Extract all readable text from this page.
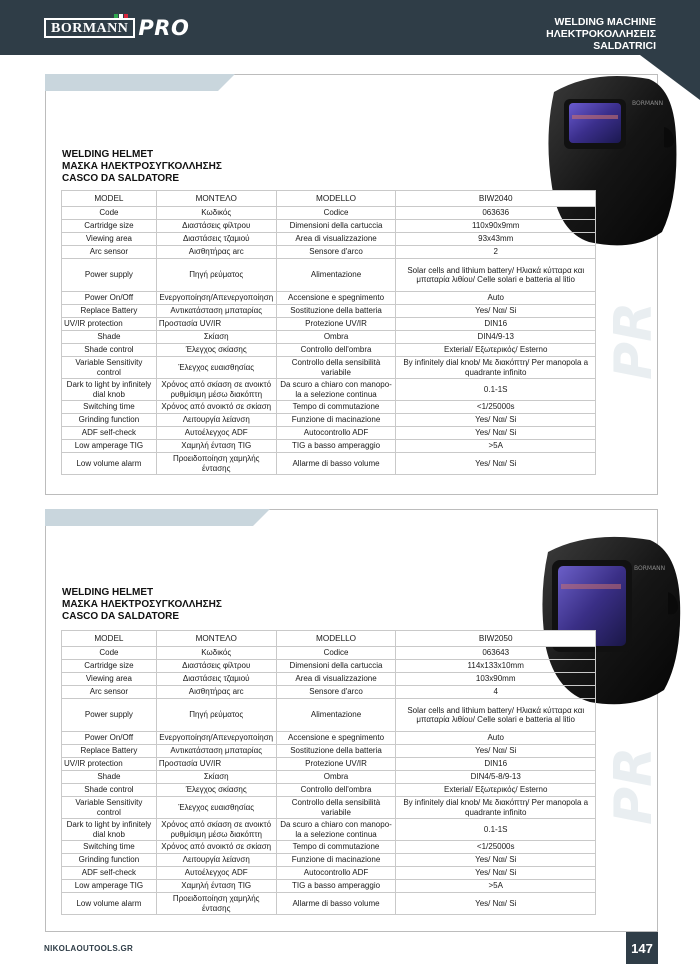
BORMANN PRO	WELDING MACHINE
ΗΛΕΚΤΡΟΚΟΛΛΗΣΕΙΣ
SALDATRICI
WELDING HELMET
ΜΑΣΚΑ ΗΛΕΚΤΡΟΣΥΓΚΟΛΛΗΣΗΣ
CASCO DA SALDATORE
PR
BORMANN
MODEL	ΜΟΝΤΕΛΟ	MODELLO	BIW2040
Code	Κωδικός	Codice	063636
Cartridge size	Διαστάσεις φίλτρου	Dimensioni della cartuccia	110x90x9mm
Viewing area	Διαστάσεις τζαμιού	Area di visualizzazione	93x43mm
Arc sensor	Αισθητήρας arc	Sensore d'arco	2
Power supply	Πηγή ρεύματος	Alimentazione	Solar cells and lithium battery/ Ηλιακά κύτταρα και μπαταρία λιθίου/ Celle solari e batteria al litio
Power On/Off	Ενεργοποίηση/Απενεργοποίηση	Accensione e spegnimento	Auto
Replace Battery	Αντικατάσταση μπαταρίας	Sostituzione della batteria	Yes/ Ναι/ Si
UV/IR protection	Προστασία UV/IR	Protezione UV/IR	DIN16
Shade	Σκίαση	Ombra	DIN4/9-13
Shade control	Έλεγχος σκίασης	Controllo dell'ombra	Exterial/ Εξωτερικός/ Esterno
Variable Sensitivity control	Έλεγχος ευαισθησίας	Controllo della sensibilità variabile	By infinitely dial knob/ Με διακόπτη/ Per manopola a quadrante infinito
Dark to light by infinitely dial knob	Χρόνος από σκίαση σε ανοικτό ρυθμίσιμη μέσω διακόπτη	Da scuro a chiaro con manopo-la a selezione continua	0.1-1S
Switching time	Χρόνος από ανοικτό σε σκίαση	Tempo di commutazione	<1/25000s
Grinding function	Λειτουργία λείανση	Funzione di macinazione	Yes/ Ναι/ Si
ADF self-check	Αυτοέλεγχος ADF	Autocontrollo ADF	Yes/ Ναι/ Si
Low amperage TIG	Χαμηλή ένταση TIG	TIG a basso amperaggio	>5A
Low volume alarm	Προειδοποίηση χαμηλής έντασης	Allarme di basso volume	Yes/ Ναι/ Si
WELDING HELMET
ΜΑΣΚΑ ΗΛΕΚΤΡΟΣΥΓΚΟΛΛΗΣΗΣ
CASCO DA SALDATORE
PR
BORMANN
MODEL	ΜΟΝΤΕΛΟ	MODELLO	BIW2050
Code	Κωδικός	Codice	063643
Cartridge size	Διαστάσεις φίλτρου	Dimensioni della cartuccia	114x133x10mm
Viewing area	Διαστάσεις τζαμιού	Area di visualizzazione	103x90mm
Arc sensor	Αισθητήρας arc	Sensore d'arco	4
Power supply	Πηγή ρεύματος	Alimentazione	Solar cells and lithium battery/ Ηλιακά κύτταρα και μπαταρία λιθίου/ Celle solari e batteria al litio
Power On/Off	Ενεργοποίηση/Απενεργοποίηση	Accensione e spegnimento	Auto
Replace Battery	Αντικατάσταση μπαταρίας	Sostituzione della batteria	Yes/ Ναι/ Si
UV/IR protection	Προστασία UV/IR	Protezione UV/IR	DIN16
Shade	Σκίαση	Ombra	DIN4/5-8/9-13
Shade control	Έλεγχος σκίασης	Controllo dell'ombra	Exterial/ Εξωτερικός/ Esterno
Variable Sensitivity control	Έλεγχος ευαισθησίας	Controllo della sensibilità variabile	By infinitely dial knob/ Με διακόπτη/ Per manopola a quadrante infinito
Dark to light by infinitely dial knob	Χρόνος από σκίαση σε ανοικτό ρυθμίσιμη μέσω διακόπτη	Da scuro a chiaro con manopo-la a selezione continua	0.1-1S
Switching time	Χρόνος από ανοικτό σε σκίαση	Tempo di commutazione	<1/25000s
Grinding function	Λειτουργία λείανση	Funzione di macinazione	Yes/ Ναι/ Si
ADF self-check	Αυτοέλεγχος ADF	Autocontrollo ADF	Yes/ Ναι/ Si
Low amperage TIG	Χαμηλή ένταση TIG	TIG a basso amperaggio	>5A
Low volume alarm	Προειδοποίηση χαμηλής έντασης	Allarme di basso volume	Yes/ Ναι/ Si
NIKOLAOUTOOLS.GR	147
